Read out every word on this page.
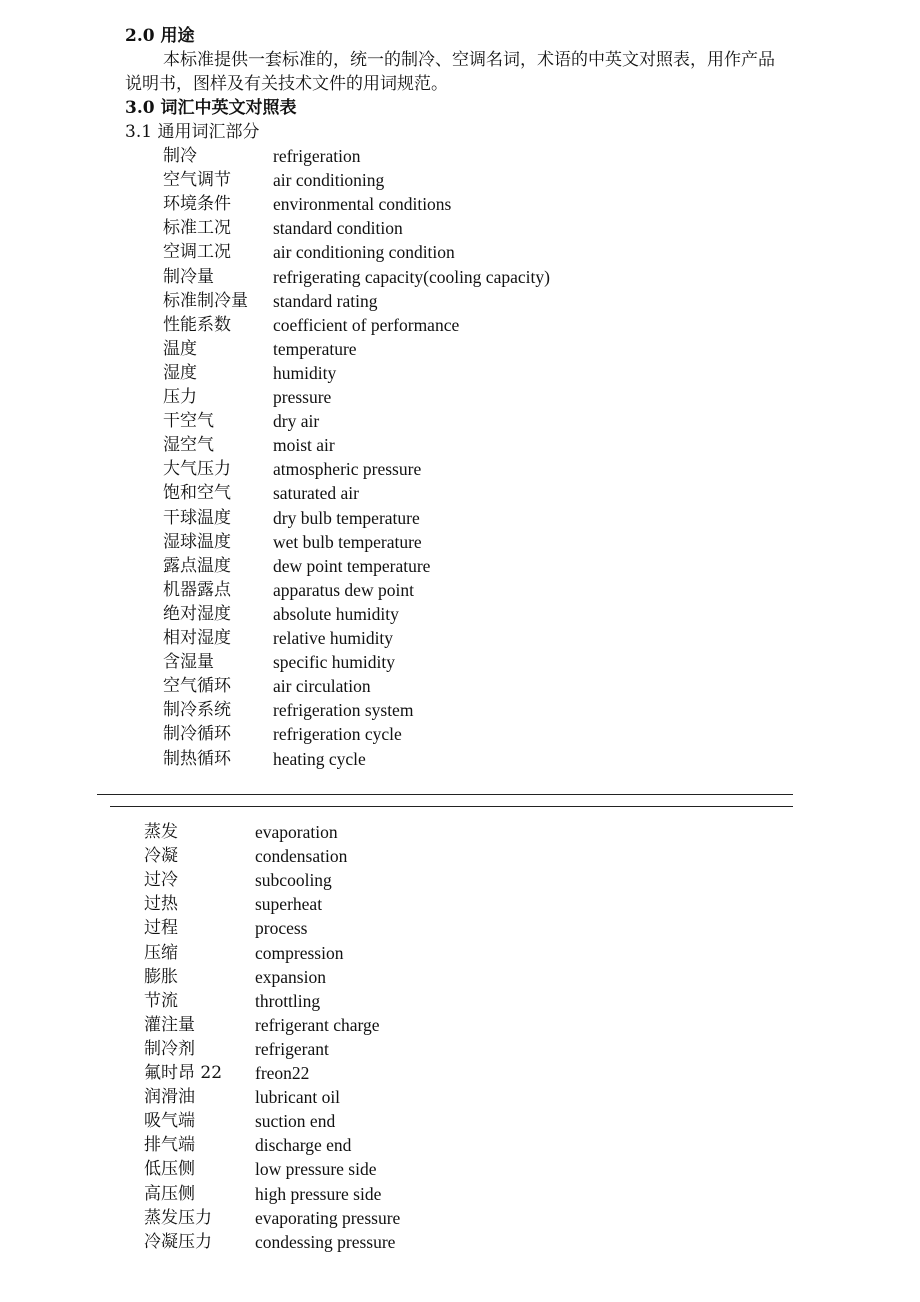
2.0 用途
本标准提供一套标准的，统一的制冷、空调名词，术语的中英文对照表，用作产品
说明书，图样及有关技术文件的用词规范。
3.0 词汇中英文对照表
3.1 通用词汇部分
制冷	refrigeration
空气调节 air conditioning
环境条件 environmental conditions
标准工况 standard condition
空调工况 air conditioning condition
制冷量	refrigerating capacity(cooling capacity)
标准制冷量 standard rating
性能系数 coefficient of performance
温度	temperature
湿度	humidity
压力	pressure
干空气	dry air
湿空气	moist air
大气压力 atmospheric pressure
饱和空气 saturated air
干球温度 dry bulb temperature
湿球温度 wet bulb temperature
露点温度 dew point temperature
机器露点 apparatus dew point
绝对湿度 absolute humidity
相对湿度 relative humidity
含湿量	specific humidity
空气循环 air circulation
制冷系统 refrigeration system
制冷循环 refrigeration cycle
制热循环 heating cycle
蒸发	evaporation
冷凝	condensation
过冷	subcooling
过热	superheat
过程	process
压缩	compression
膨胀	expansion
节流	throttling
灌注量	refrigerant charge
制冷剂	refrigerant
氟时昂 22 freon22
润滑油	lubricant oil
吸气端	suction end
排气端	discharge end
低压侧	low pressure side
高压侧	high pressure side
蒸发压力 evaporating pressure
冷凝压力 condessing pressure
